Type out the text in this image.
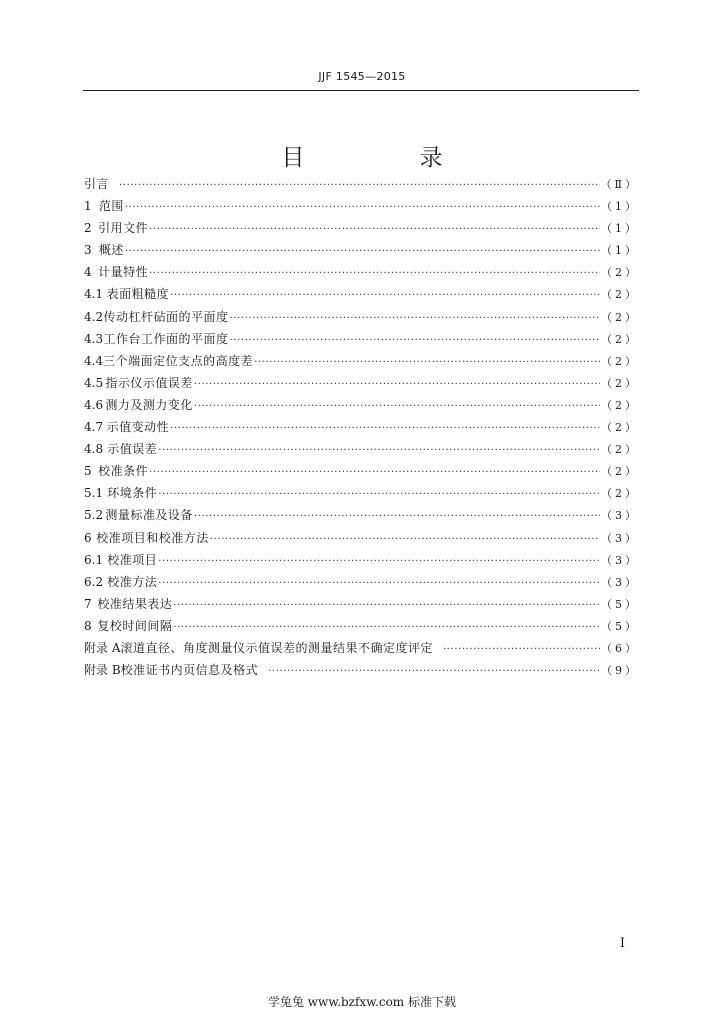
JJF 1545—2015
目　录
引言 ·····	（Ⅱ）
1 范围 ·····	（1）
2 引用文件 ·····	（1）
3 概述 ·····	（1）
4 计量特性 ·····	（2）
4.1 表面粗糙度 ·····	（2）
4.2 传动杠杆砧面的平面度 ·····	（2）
4.3 工作台工作面的平面度 ·····	（2）
4.4 三个端面定位支点的高度差 ·····	（2）
4.5 指示仪示值误差 ·····	（2）
4.6 测力及测力变化 ·····	（2）
4.7 示值变动性 ·····	（2）
4.8 示值误差 ·····	（2）
5 校准条件 ·····	（2）
5.1 环境条件 ·····	（2）
5.2 测量标准及设备 ·····	（3）
6 校准项目和校准方法 ·····	（3）
6.1 校准项目 ·····	（3）
6.2 校准方法 ·····	（3）
7 校准结果表达 ·····	（5）
8 复校时间间隔 ·····	（5）
附录 A 滚道直径、角度测量仪示值误差的测量结果不确定度评定 ·····	（6）
附录 B 校准证书内页信息及格式 ·····	（9）
I
学兔兔 www.bzfxw.com 标准下载
